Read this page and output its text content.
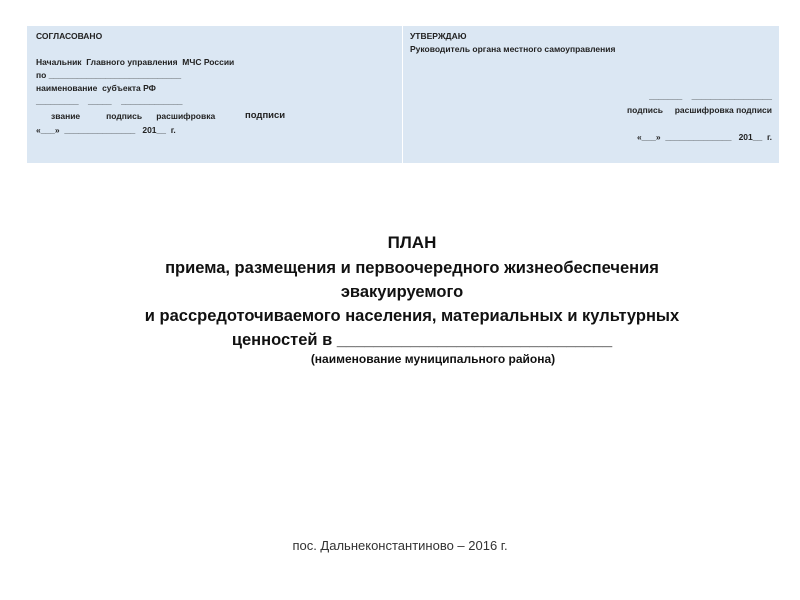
СОГЛАСОВАНО
Начальник  Главного управления  МЧС России
по ____________________________
наименование  субъекта РФ
_________    _____    _____________
звание           подпись      расшифровка	подписи
«___»  _______________   201__  г.
УТВЕРЖДАЮ
Руководитель органа местного самоуправления
_______    _________________
подпись     расшифровка подписи
«___»  ______________   201__  г.
ПЛАН
приема, размещения и первоочередного жизнеобеспечения
эвакуируемого
и рассредоточиваемого населения, материальных и культурных
ценностей в ______________________________
(наименование муниципального района)
пос. Дальнеконстантиново – 2016 г.
